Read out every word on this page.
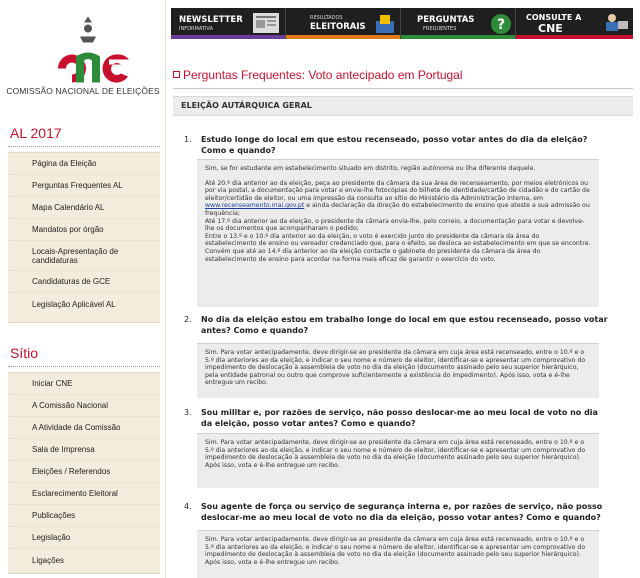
COMISSÃO NACIONAL DE ELEIÇÕES
AL 2017
Página da Eleição
Perguntas Frequentes AL
Mapa Calendário AL
Mandatos por órgão
Locais-Apresentação de candidaturas
Candidaturas de GCE
Legislação Aplicável AL
Sítio
Iniciar CNE
A Comissão Nacional
A Atividade da Comissão
Sala de Imprensa
Eleições / Referendos
Esclarecimento Eleitoral
Publicações
Legislação
Ligações
NEWSLETTER
INFORMATIVA
RESULTADOS
ELEITORAIS
PERGUNTAS
FREQUENTES	?	CONSULTE A
CNE
Perguntas Frequentes: Voto antecipado em Portugal
ELEIÇÃO AUTÁRQUICA GERAL
1. Estudo longe do local em que estou recenseado, posso votar antes do dia da eleição? Como e quando?

Sim, se for estudante em estabelecimento situado em distrito, região autónoma ou ilha diferente daquele.

Até 20.º dia anterior ao da eleição, peça ao presidente da câmara da sua área de recenseamento, por meios eletrónicos ou por via postal, a documentação para votar e envie-lhe fotocópias do bilhete de identidade/cartão de cidadão e do cartão de eleitor/certidão de eleitor, ou uma impressão da consulta ao sítio do Ministério da Administração Interna, em www.recenseamento.mai.gov.pt e ainda declaração da direção do estabelecimento de ensino que ateste a sua admissão ou frequência;
Até 17.º dia anterior ao da eleição, o presidente da câmara envia-lhe, pelo correio, a documentação para votar e devolve-lhe os documentos que acompanharam o pedido;
Entre o 13.º e o 10.º dia anterior ao da eleição, o voto é exercido junto do presidente da câmara da área do estabelecimento de ensino ou vereador credenciado que, para o efeito, se desloca ao estabelecimento em que se encontre.
Convém que até ao 14.º dia anterior ao da eleição contacte o gabinete do presidente da câmara da área do estabelecimento de ensino para acordar na forma mais eficaz de garantir o exercício do voto.

2. No dia da eleição estou em trabalho longe do local em que estou recenseado, posso votar antes? Como e quando?

Sim. Para votar antecipadamente, deve dirigir-se ao presidente da câmara em cuja área está recenseado, entre o 10.º e o 5.º dia anteriores ao da eleição, e indicar o seu nome e número de eleitor, identificar-se e apresentar um comprovativo do impedimento de deslocação à assembleia de voto no dia da eleição (documento assinado pelo seu superior hierárquico, pela entidade patronal ou outro que comprove suficientemente a existência do impedimento). Após isso, vota e é-lhe entregue um recibo.

3. Sou militar e, por razões de serviço, não posso deslocar-me ao meu local de voto no dia da eleição, posso votar antes? Como e quando?

Sim. Para votar antecipadamente, deve dirigir-se ao presidente da câmara em cuja área está recenseado, entre o 10.º e o 5.º dia anteriores ao da eleição, e indicar o seu nome e número de eleitor, identificar-se e apresentar um comprovativo do impedimento de deslocação à assembleia de voto no dia da eleição (documento assinado pelo seu superior hierárquico). Após isso, vota e é-lhe entregue um recibo.

4. Sou agente de força ou serviço de segurança interna e, por razões de serviço, não posso deslocar-me ao meu local de voto no dia da eleição, posso votar antes? Como e quando?

Sim. Para votar antecipadamente, deve dirigir-se ao presidente da câmara em cuja área está recenseado, entre o 10.º e o 5.º dia anteriores ao da eleição, e indicar o seu nome e número de eleitor, identificar-se e apresentar um comprovativo do impedimento de deslocação à assembleia de voto no dia da eleição (documento assinado pelo seu superior hierárquico). Após isso, vota e é-lhe entregue um recibo.
